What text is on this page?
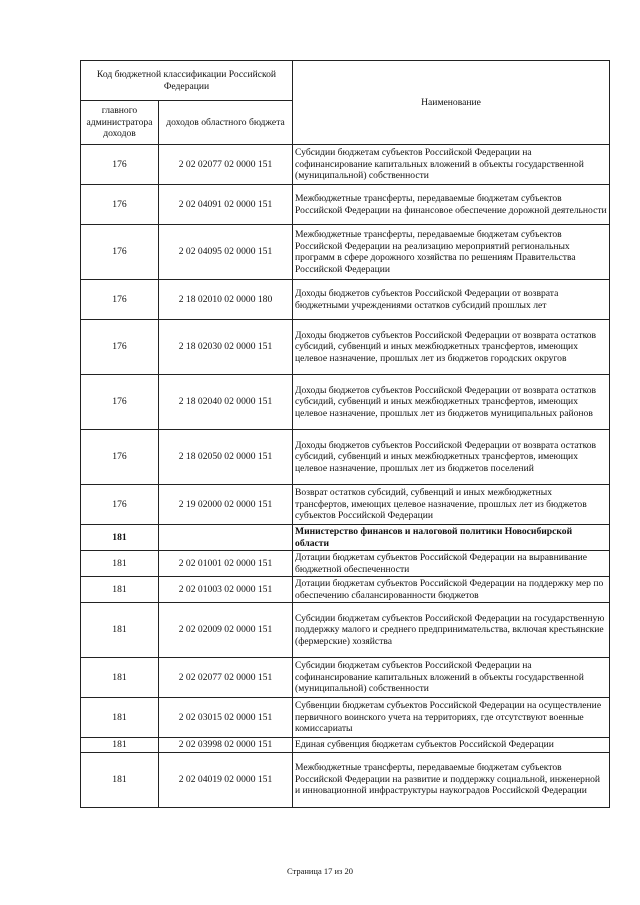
Код бюджетной классификации Российской Федерации		Наименование
главного администратора доходов	доходов областного бюджета	
176	2 02 02077 02 0000 151	Субсидии бюджетам субъектов Российской Федерации на софинансирование капитальных вложений в объекты государственной (муниципальной) собственности
176	2 02 04091 02 0000 151	Межбюджетные трансферты, передаваемые бюджетам субъектов Российской Федерации на финансовое обеспечение дорожной деятельности
176	2 02 04095 02 0000 151	Межбюджетные трансферты, передаваемые бюджетам субъектов Российской Федерации на реализацию мероприятий региональных программ в сфере дорожного хозяйства по решениям Правительства Российской Федерации
176	2 18 02010 02 0000 180	Доходы бюджетов субъектов Российской Федерации от возврата бюджетными учреждениями остатков субсидий прошлых лет
176	2 18 02030 02 0000 151	Доходы бюджетов субъектов Российской Федерации от возврата остатков субсидий, субвенций и иных межбюджетных трансфертов, имеющих целевое назначение, прошлых лет из бюджетов городских округов
176	2 18 02040 02 0000 151	Доходы бюджетов субъектов Российской Федерации от возврата остатков субсидий, субвенций и иных межбюджетных трансфертов, имеющих целевое назначение, прошлых лет из бюджетов муниципальных районов
176	2 18 02050 02 0000 151	Доходы бюджетов субъектов Российской Федерации от возврата остатков субсидий, субвенций и иных межбюджетных трансфертов, имеющих целевое назначение, прошлых лет из бюджетов поселений
176	2 19 02000 02 0000 151	Возврат остатков субсидий, субвенций и иных межбюджетных трансфертов, имеющих целевое назначение, прошлых лет из бюджетов субъектов Российской Федерации
181		Министерство финансов и налоговой политики Новосибирской области
181	2 02 01001 02 0000 151	Дотации бюджетам субъектов Российской Федерации на выравнивание бюджетной обеспеченности
181	2 02 01003 02 0000 151	Дотации бюджетам субъектов Российской Федерации на поддержку мер по обеспечению сбалансированности бюджетов
181	2 02 02009 02 0000 151	Субсидии бюджетам субъектов Российской Федерации на государственную поддержку малого и среднего предпринимательства, включая крестьянские (фермерские) хозяйства
181	2 02 02077 02 0000 151	Субсидии бюджетам субъектов Российской Федерации на софинансирование капитальных вложений в объекты государственной (муниципальной) собственности
181	2 02 03015 02 0000 151	Субвенции бюджетам субъектов Российской Федерации на осуществление первичного воинского учета на территориях, где отсутствуют военные комиссариаты
181	2 02 03998 02 0000 151	Единая субвенция бюджетам субъектов Российской Федерации
181	2 02 04019 02 0000 151	Межбюджетные трансферты, передаваемые бюджетам субъектов Российской Федерации на развитие и поддержку социальной, инженерной и инновационной инфраструктуры наукоградов Российской Федерации
Страница 17 из 20
